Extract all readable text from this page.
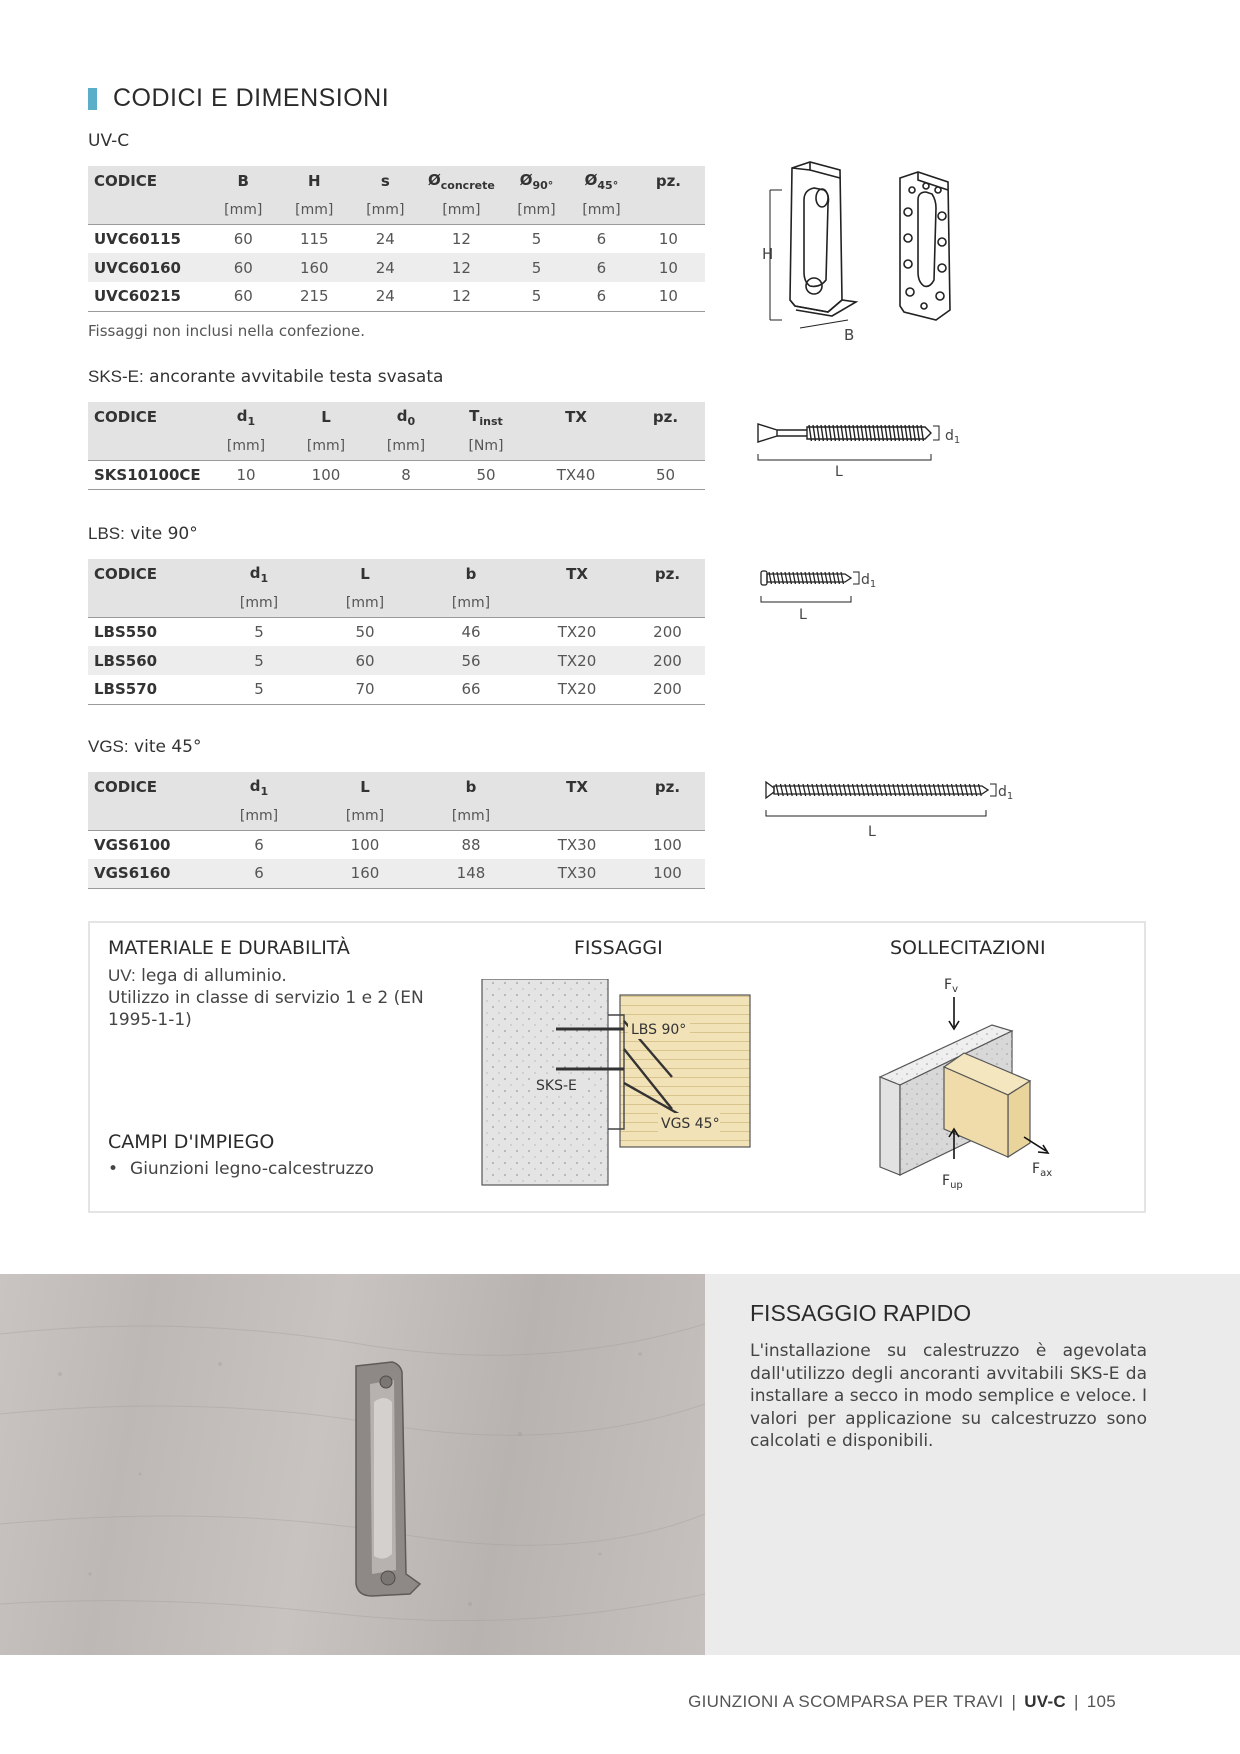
CODICI E DIMENSIONI
UV-C
CODICE	B	H	s	$Ø_{concrete}$	$Ø_{90^\circ}$	$Ø_{45^\circ}$	pz.
	[mm]	[mm]	[mm]	[mm]	[mm]	[mm]	
UVC60115	60	115	24	12	5	6	10
UVC60160	60	160	24	12	5	6	10
UVC60215	60	215	24	12	5	6	10
Fissaggi non inclusi nella confezione.
H
B
SKS-E: ancorante avvitabile testa svasata
CODICE	$d_1$	L	$d_0$	$T_{inst}$	TX	pz.
	[mm]	[mm]	[mm]	[Nm]		
SKS10100CE	10	100	8	50	TX40	50
$d_1$
L
LBS: vite 90°
CODICE	$d_1$	L	b	TX	pz.
	[mm]	[mm]	[mm]		
LBS550	5	50	46	TX20	200
LBS560	5	60	56	TX20	200
LBS570	5	70	66	TX20	200
$d_1$
L
VGS: vite 45°
CODICE	$d_1$	L	b	TX	pz.
	[mm]	[mm]	[mm]		
VGS6100	6	100	88	TX30	100
VGS6160	6	160	148	TX30	100
$d_1$
L
MATERIALE E DURABILITÀ
UV: lega di alluminio.
Utilizzo in classe di servizio 1 e 2 (EN
1995-1-1)
CAMPI D'IMPIEGO
• Giunzioni legno-calcestruzzo
FISSAGGI	SOLLECITAZIONI
LBS 90°
SKS-E
VGS 45°
$F_v$
$F_{ax}$
$F_{up}$
FISSAGGIO RAPIDO
L'installazione su calestruzzo è agevolata dall'utilizzo degli ancoranti avvitabili SKS-E da installare a secco in modo semplice e veloce. I valori per applicazione su calcestruzzo sono calcolati e disponibili.
GIUNZIONI A SCOMPARSA PER TRAVI | UV-C | 105
